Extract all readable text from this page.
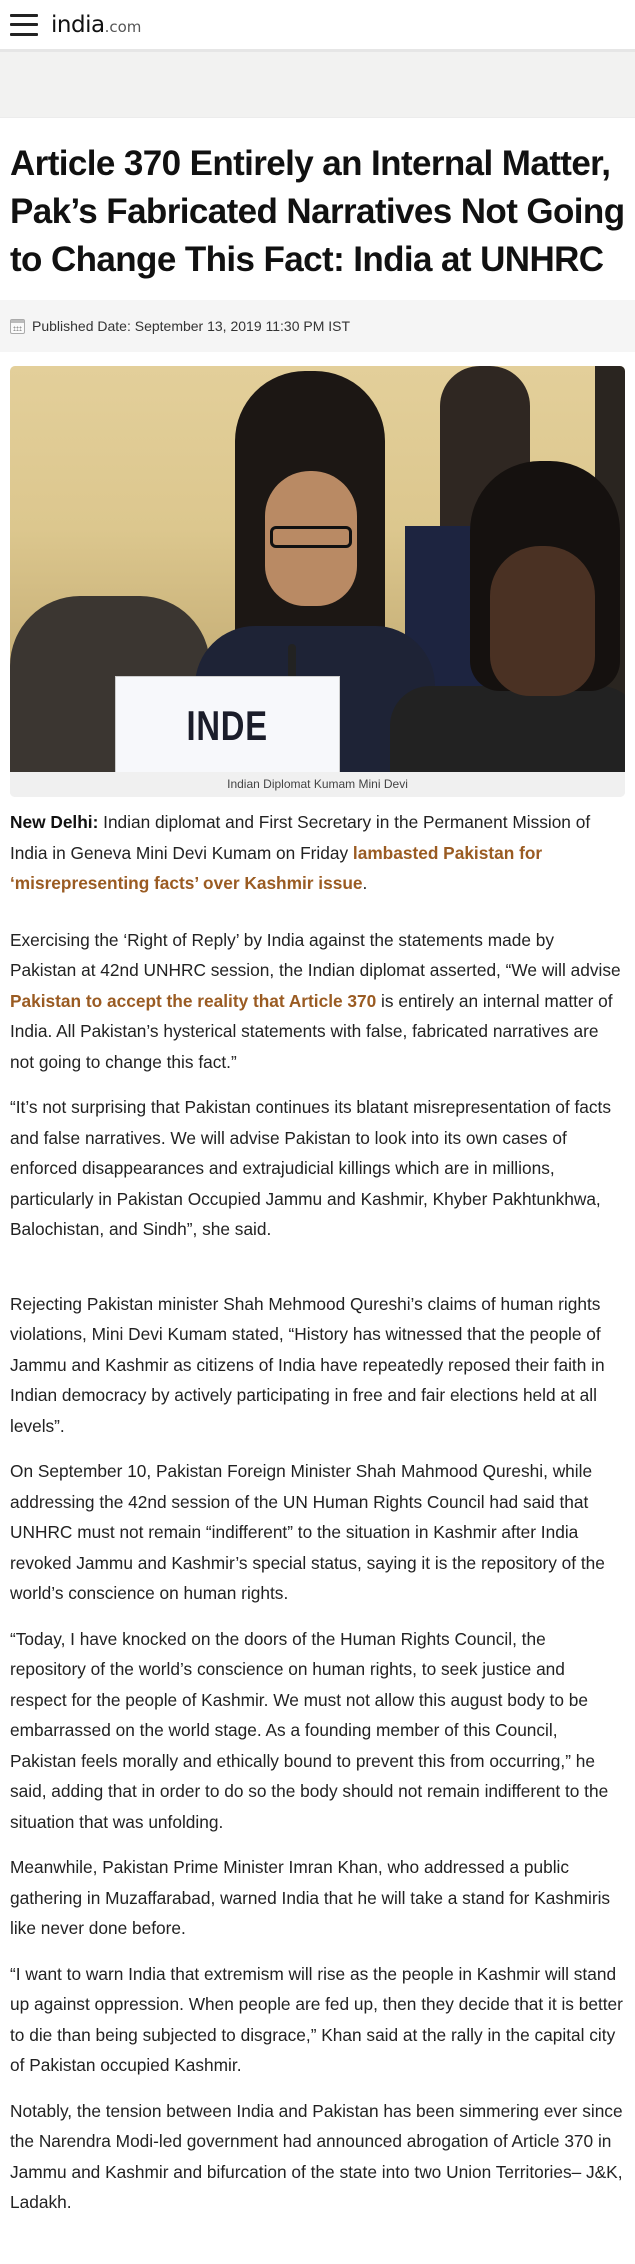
india .com
Article 370 Entirely an Internal Matter, Pak’s Fabricated Narratives Not Going to Change This Fact: India at UNHRC
Published Date: September 13, 2019 11:30 PM IST
INDE
Indian Diplomat Kumam Mini Devi

New Delhi: Indian diplomat and First Secretary in the Permanent Mission of India in Geneva Mini Devi Kumam on Friday lambasted Pakistan for ‘misrepresenting facts’ over Kashmir issue.

Exercising the ‘Right of Reply’ by India against the statements made by Pakistan at 42nd UNHRC session, the Indian diplomat asserted, “We will advise Pakistan to accept the reality that Article 370 is entirely an internal matter of India. All Pakistan’s hysterical statements with false, fabricated narratives are not going to change this fact.”

“It’s not surprising that Pakistan continues its blatant misrepresentation of facts and false narratives. We will advise Pakistan to look into its own cases of enforced disappearances and extrajudicial killings which are in millions, particularly in Pakistan Occupied Jammu and Kashmir, Khyber Pakhtunkhwa, Balochistan, and Sindh”, she said.

Rejecting Pakistan minister Shah Mehmood Qureshi’s claims of human rights violations, Mini Devi Kumam stated, “History has witnessed that the people of Jammu and Kashmir as citizens of India have repeatedly reposed their faith in Indian democracy by actively participating in free and fair elections held at all levels”.

On September 10, Pakistan Foreign Minister Shah Mahmood Qureshi, while addressing the 42nd session of the UN Human Rights Council had said that UNHRC must not remain “indifferent” to the situation in Kashmir after India revoked Jammu and Kashmir’s special status, saying it is the repository of the world’s conscience on human rights.

“Today, I have knocked on the doors of the Human Rights Council, the repository of the world’s conscience on human rights, to seek justice and respect for the people of Kashmir. We must not allow this august body to be embarrassed on the world stage. As a founding member of this Council, Pakistan feels morally and ethically bound to prevent this from occurring,” he said, adding that in order to do so the body should not remain indifferent to the situation that was unfolding.

Meanwhile, Pakistan Prime Minister Imran Khan, who addressed a public gathering in Muzaffarabad, warned India that he will take a stand for Kashmiris like never done before.

“I want to warn India that extremism will rise as the people in Kashmir will stand up against oppression. When people are fed up, then they decide that it is better to die than being subjected to disgrace,” Khan said at the rally in the capital city of Pakistan occupied Kashmir.

Notably, the tension between India and Pakistan has been simmering ever since the Narendra Modi-led government had announced abrogation of Article 370 in Jammu and Kashmir and bifurcation of the state into two Union Territories– J&K, Ladakh.
